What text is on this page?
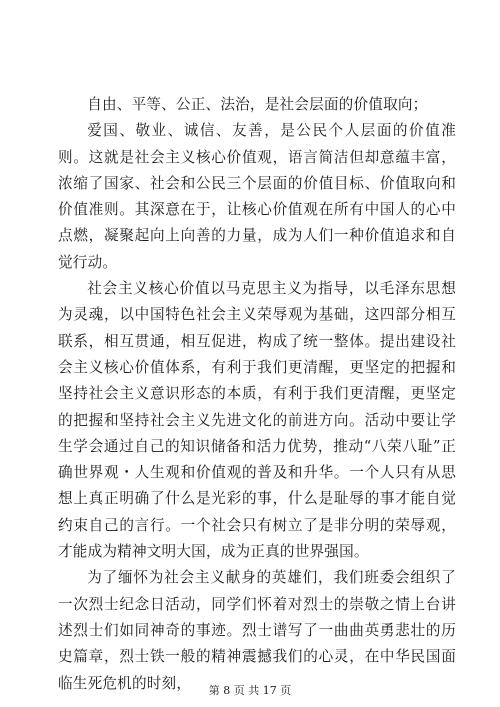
自由、平等、公正、法治，是社会层面的价值取向；

爱国、敬业、诚信、友善，是公民个人层面的价值准则。这就是社会主义核心价值观，语言简洁但却意蕴丰富，浓缩了国家、社会和公民三个层面的价值目标、价值取向和价值准则。其深意在于，让核心价值观在所有中国人的心中点燃，凝聚起向上向善的力量，成为人们一种价值追求和自觉行动。

社会主义核心价值以马克思主义为指导，以毛泽东思想为灵魂，以中国特色社会主义荣辱观为基础，这四部分相互联系，相互贯通，相互促进，构成了统一整体。提出建设社会主义核心价值体系，有利于我们更清醒，更坚定的把握和坚持社会主义意识形态的本质，有利于我们更清醒，更坚定的把握和坚持社会主义先进文化的前进方向。活动中要让学生学会通过自己的知识储备和活力优势，推动“八荣八耻”正确世界观・人生观和价值观的普及和升华。一个人只有从思想上真正明确了什么是光彩的事，什么是耻辱的事才能自觉约束自己的言行。一个社会只有树立了是非分明的荣辱观，才能成为精神文明大国，成为正真的世界强国。

为了缅怀为社会主义献身的英雄们，我们班委会组织了一次烈士纪念日活动，同学们怀着对烈士的崇敬之情上台讲述烈士们如同神奇的事迹。烈士谱写了一曲曲英勇悲壮的历史篇章，烈士铁一般的精神震撼我们的心灵，在中华民国面临生死危机的时刻，	第 8 页 共 17 页
